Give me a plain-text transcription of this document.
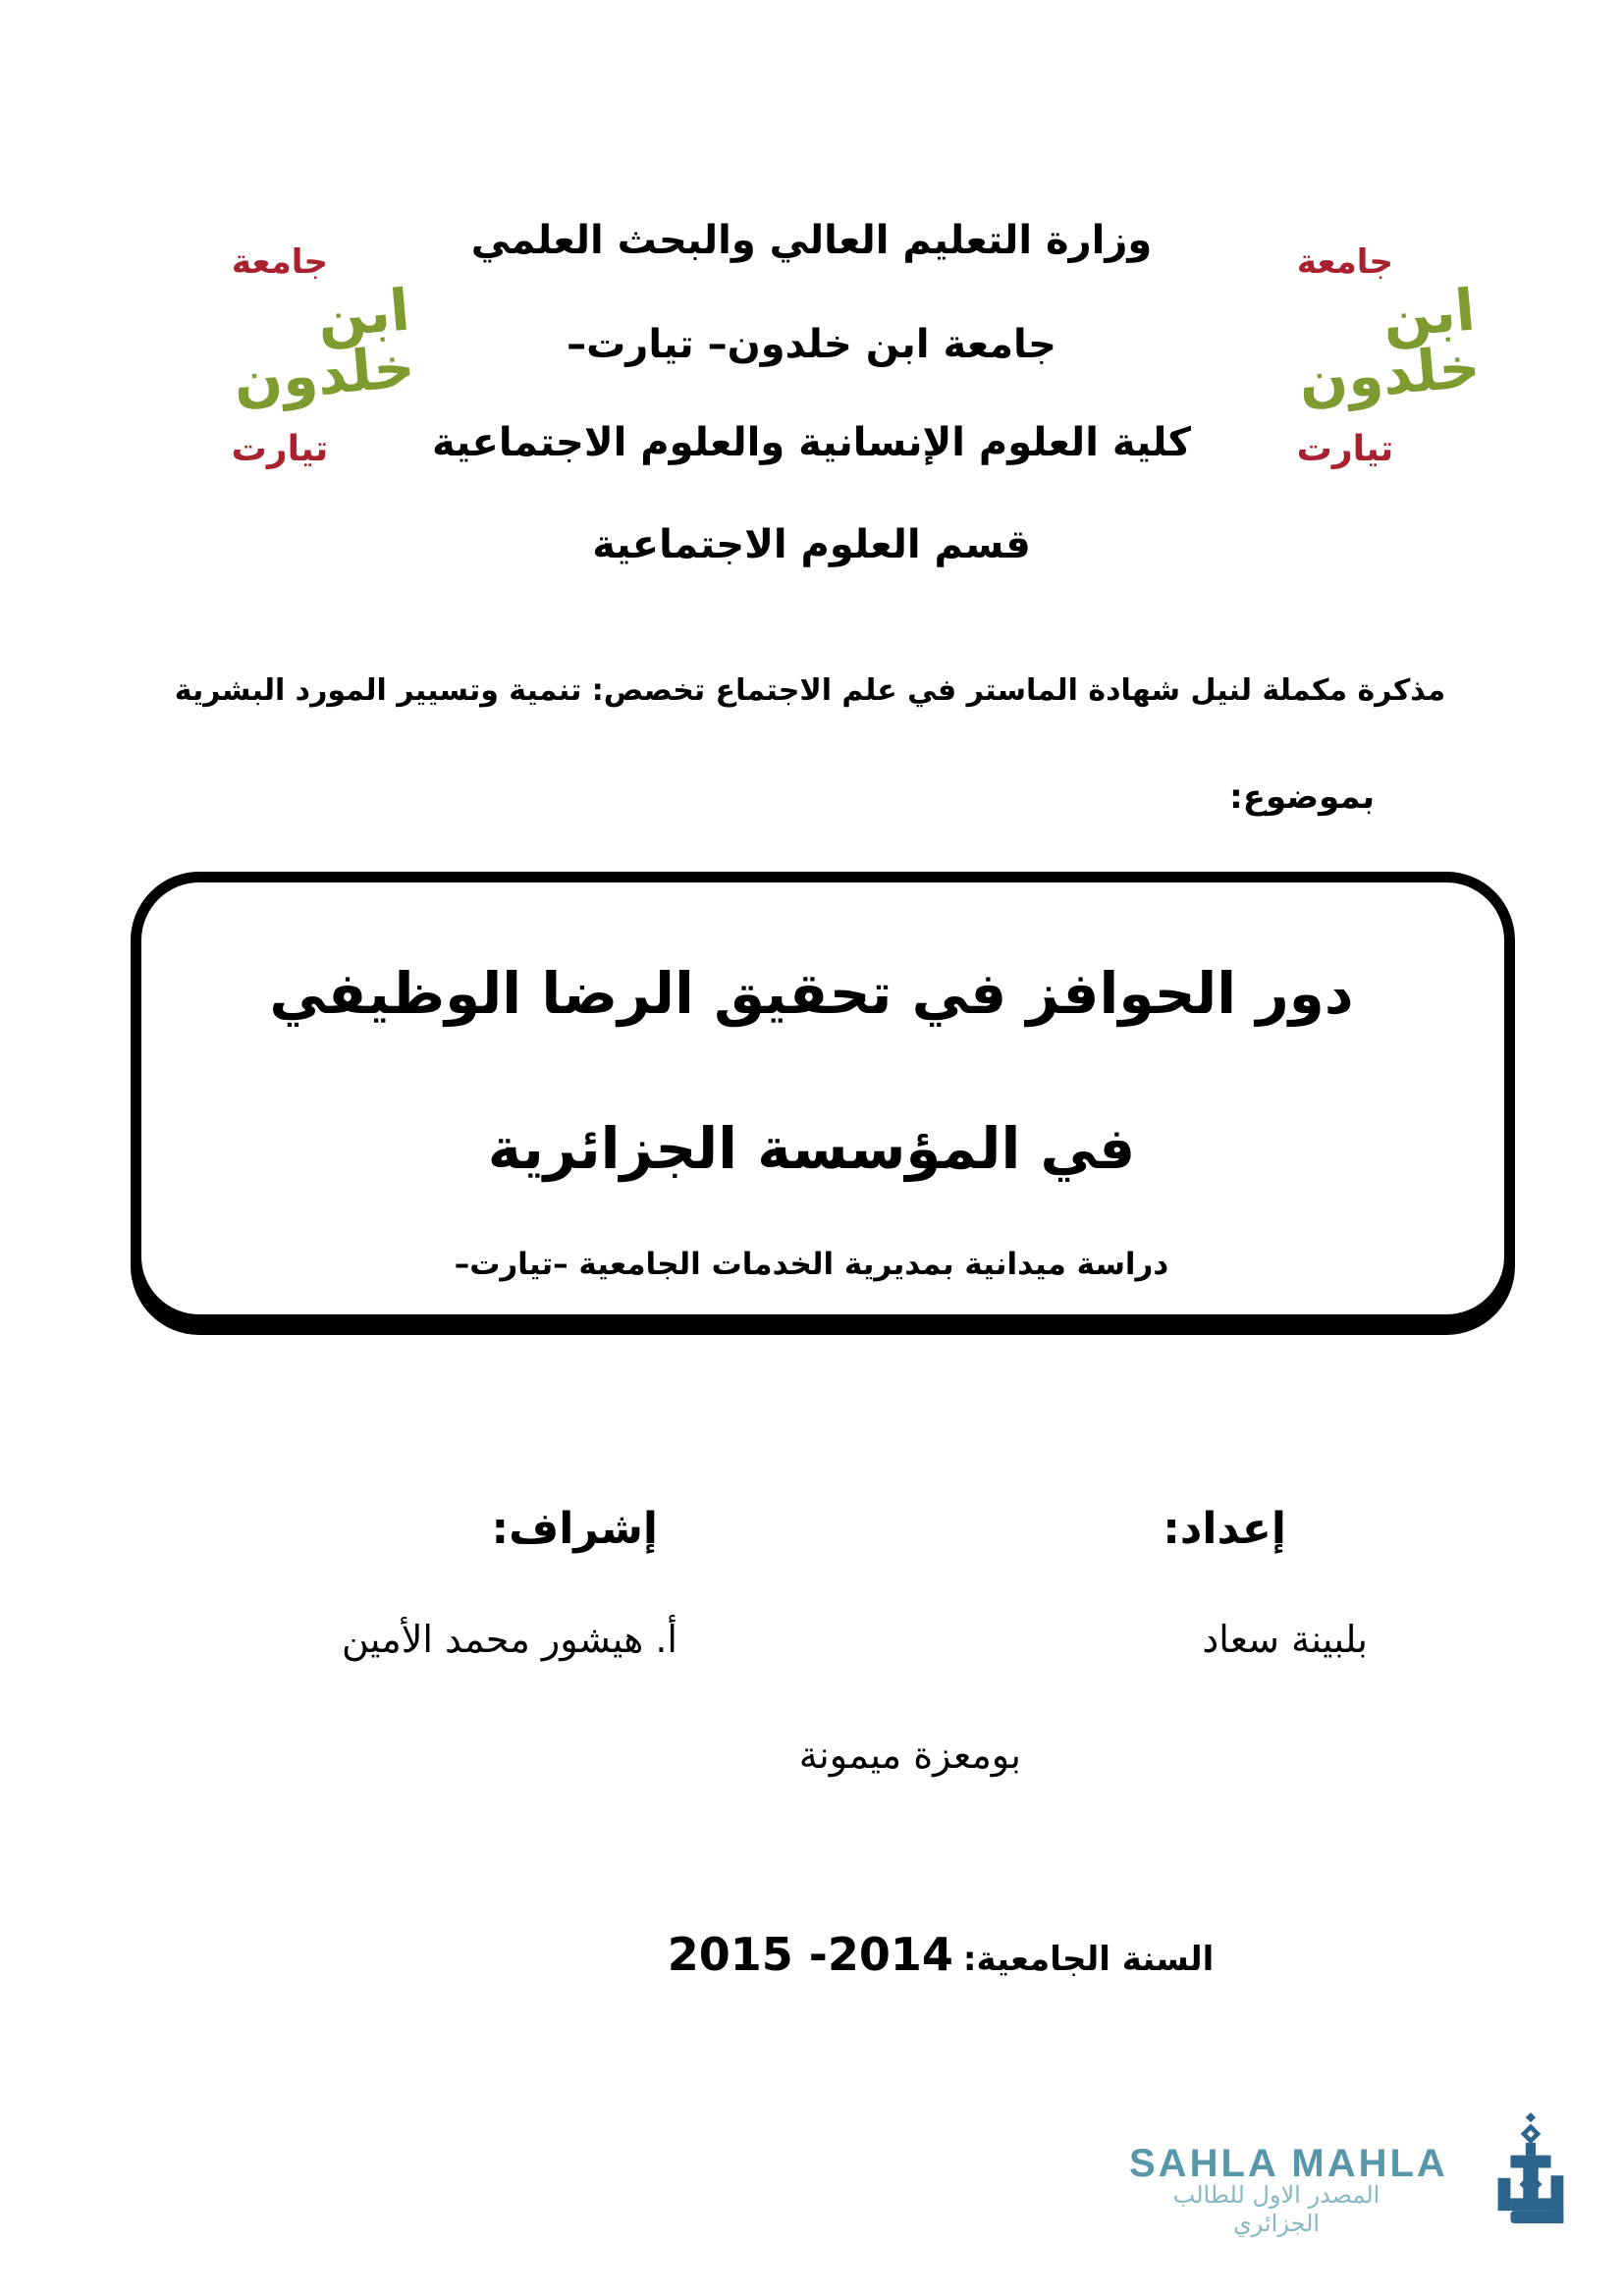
جامعة
ابن خلدون
تيارت
جامعة
ابن خلدون
تيارت
وزارة التعليم العالي والبحث العلمي
جامعة ابن خلدون– تيارت–
كلية العلوم الإنسانية والعلوم الاجتماعية
قسم العلوم الاجتماعية
مذكرة مكملة لنيل شهادة الماستر في علم الاجتماع تخصص: تنمية وتسيير المورد البشرية
بموضوع:
دور الحوافز في تحقيق الرضا الوظيفي
في المؤسسة الجزائرية
دراسة ميدانية بمديرية الخدمات الجامعية –تيارت–
إعداد:
إشراف:
بلبينة سعاد
أ. هيشور محمد الأمين
بومعزة ميمونة
السنة الجامعية:
2014- 2015
SAHLA MAHLA
المصدر الاول للطالب الجزائري
